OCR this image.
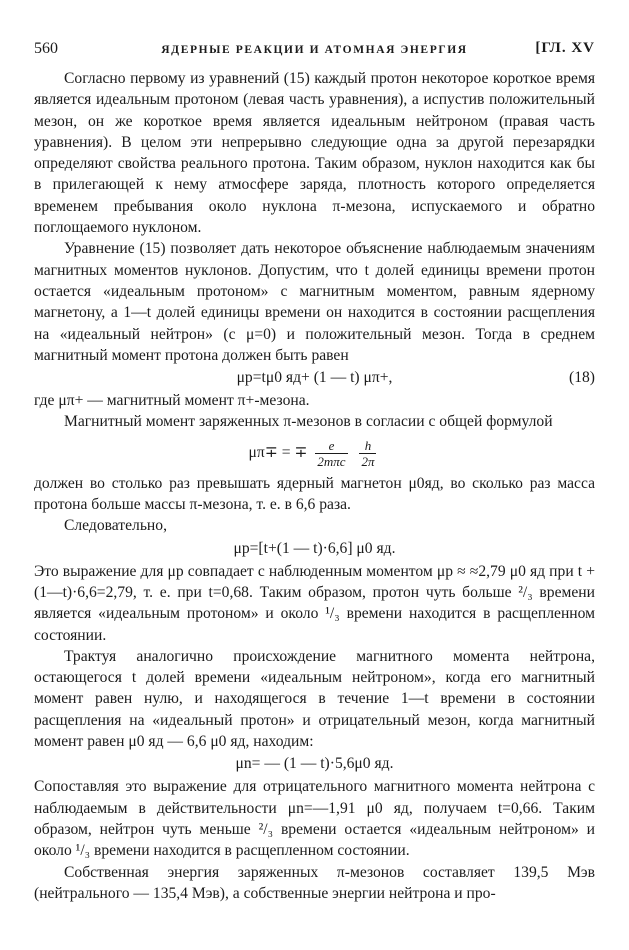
560	ЯДЕРНЫЕ РЕАКЦИИ И АТОМНАЯ ЭНЕРГИЯ	[ГЛ. XV

Согласно первому из уравнений (15) каждый протон некоторое короткое время является идеальным протоном (левая часть уравнения), а испустив положительный мезон, он же короткое время является идеальным нейтроном (правая часть уравнения). В целом эти непрерывно следующие одна за другой перезарядки определяют свойства реального протона. Таким образом, нуклон находится как бы в прилегающей к нему атмосфере заряда, плотность которого определяется временем пребывания около нуклона π-мезона, испускаемого и обратно поглощаемого нуклоном.

Уравнение (15) позволяет дать некоторое объяснение наблюдаемым значениям магнитных моментов нуклонов. Допустим, что t долей единицы времени протон остается «идеальным протоном» с магнитным моментом, равным ядерному магнетону, а 1—t долей единицы времени он находится в состоянии расщепления на «идеальный нейтрон» (с μ=0) и положительный мезон. Тогда в среднем магнитный момент протона должен быть равен

μp=tμ0 яд+ (1 — t) μπ+,	(18)

где μπ+ — магнитный момент π+-мезона.

Магнитный момент заряженных π-мезонов в согласии с общей формулой

μπ∓ = ∓ $\frac{e}{\text{2mπc}}$
$\frac{h}{2\pi}$

должен во столько раз превышать ядерный магнетон μ0яд, во сколько раз масса протона больше массы π-мезона, т. е. в 6,6 раза.

Следовательно,

μp=[t+(1 — t)·6,6] μ0 яд.

Это выражение для μp совпадает с наблюденным моментом μp ≈ ≈2,79 μ0 яд при t + (1—t)·6,6=2,79, т. е. при t=0,68. Таким образом, протон чуть больше ²/₃ времени является «идеальным протоном» и около ¹/₃ времени находится в расщепленном состоянии.

Трактуя аналогично происхождение магнитного момента нейтрона, остающегося t долей времени «идеальным нейтроном», когда его магнитный момент равен нулю, и находящегося в течение 1—t времени в состоянии расщепления на «идеальный протон» и отрицательный мезон, когда магнитный момент равен μ0 яд — 6,6 μ0 яд, находим:

μn= — (1 — t)·5,6μ0 яд.

Сопоставляя это выражение для отрицательного магнитного момента нейтрона с наблюдаемым в действительности μn=—1,91 μ0 яд, получаем t=0,66. Таким образом, нейтрон чуть меньше ²/₃ времени остается «идеальным нейтроном» и около ¹/₃ времени находится в расщепленном состоянии.

Собственная энергия заряженных π-мезонов составляет 139,5 Мэв (нейтрального — 135,4 Мэв), а собственные энергии нейтрона и про-
